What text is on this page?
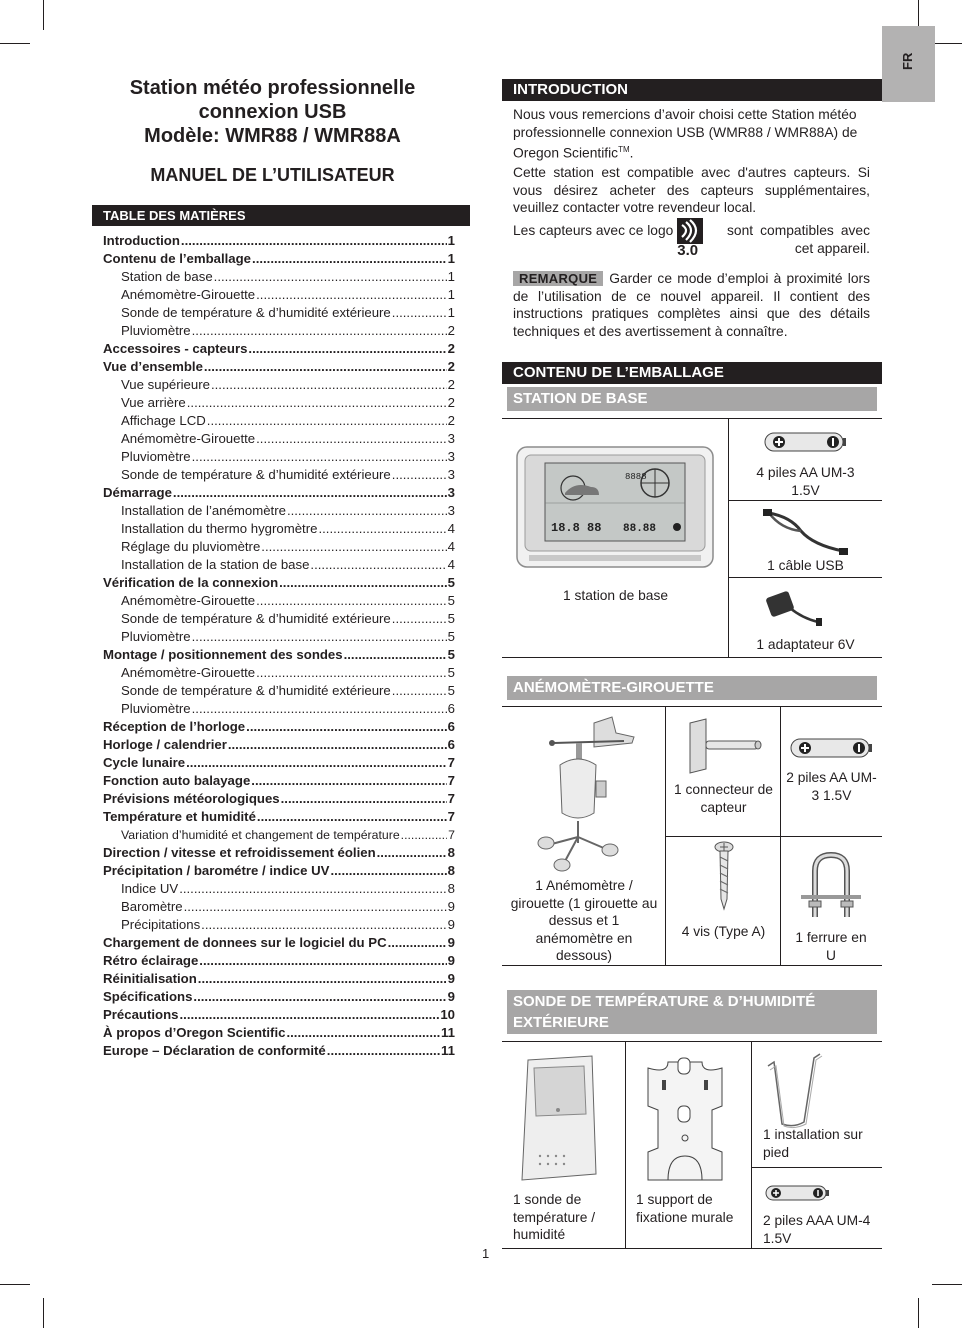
FR
Station météo professionnelle
connexion USB
Modèle: WMR88 / WMR88A
MANUEL DE L’UTILISATEUR
TABLE DES MATIÈRES
Introduction .....	1
Contenu de l’emballage .....	1
Station de base .....	1
Anémomètre-Girouette .....	1
Sonde de température & d’humidité extérieure .....	1
Pluviomètre .....	2
Accessoires - capteurs .....	2
Vue d’ensemble .....	2
Vue supérieure .....	2
Vue arrière .....	2
Affichage LCD .....	2
Anémomètre-Girouette .....	3
Pluviomètre .....	3
Sonde de température & d’humidité extérieure .....	3
Démarrage .....	3
Installation de l’anémomètre .....	3
Installation du thermo hygromètre .....	4
Réglage du pluviomètre .....	4
Installation de la station de base .....	4
Vérification de la connexion .....	5
Anémomètre-Girouette .....	5
Sonde de température & d’humidité extérieure .....	5
Pluviomètre .....	5
Montage / positionnement des sondes .....	5
Anémomètre-Girouette .....	5
Sonde de température & d’humidité extérieure .....	5
Pluviomètre .....	6
Réception de l’horloge .....	6
Horloge / calendrier .....	6
Cycle lunaire .....	7
Fonction auto balayage .....	7
Prévisions météorologiques .....	7
Température et humidité .....	7
Variation d’humidité et changement de température .....	7
Direction / vitesse et refroidissement éolien .....	8
Précipitation / barométre / indice UV .....	8
Indice UV .....	8
Baromètre .....	9
Précipitations .....	9
Chargement de donnees sur le logiciel du PC .....	9
Rétro éclairage .....	9
Réinitialisation .....	9
Spécifications .....	9
Précautions .....	10
À propos d’Oregon Scientific .....	11
Europe – Déclaration de conformité .....	11
INTRODUCTION
Nous vous remercions d’avoir choisi cette Station météo professionnelle connexion USB (WMR88 / WMR88A) de Oregon Scientific™.
Cette station est compatible avec d'autres capteurs. Si vous désirez acheter des capteurs supplémentaires, veuillez contacter votre revendeur local.
Les capteurs avec ce logo
3.0
sont compatibles avec cet appareil.
REMARQUE Garder ce mode d’emploi à proximité lors de l’utilisation de ce nouvel appareil. Il contient des instructions pratiques complètes ainsi que des détails techniques et des avertissement à connaître.
CONTENU DE L’EMBALLAGE
STATION DE BASE
8888
18.8 88 88.88
1 station de base
4 piles AA UM-3 1.5V
1 câble USB
1 adaptateur 6V
ANÉMOMÈTRE-GIROUETTE
1 Anémomètre / girouette (1 girouette au dessus et 1 anémomètre en dessous)
1 connecteur de capteur
2 piles AA UM-3 1.5V
4 vis (Type A)	1 ferrure en U
SONDE DE TEMPÉRATURE & D’HUMIDITÉ EXTÉRIEURE
1 sonde de température / humidité
1 support de fixatione murale
1 installation sur pied
2 piles AAA UM-4 1.5V
1
